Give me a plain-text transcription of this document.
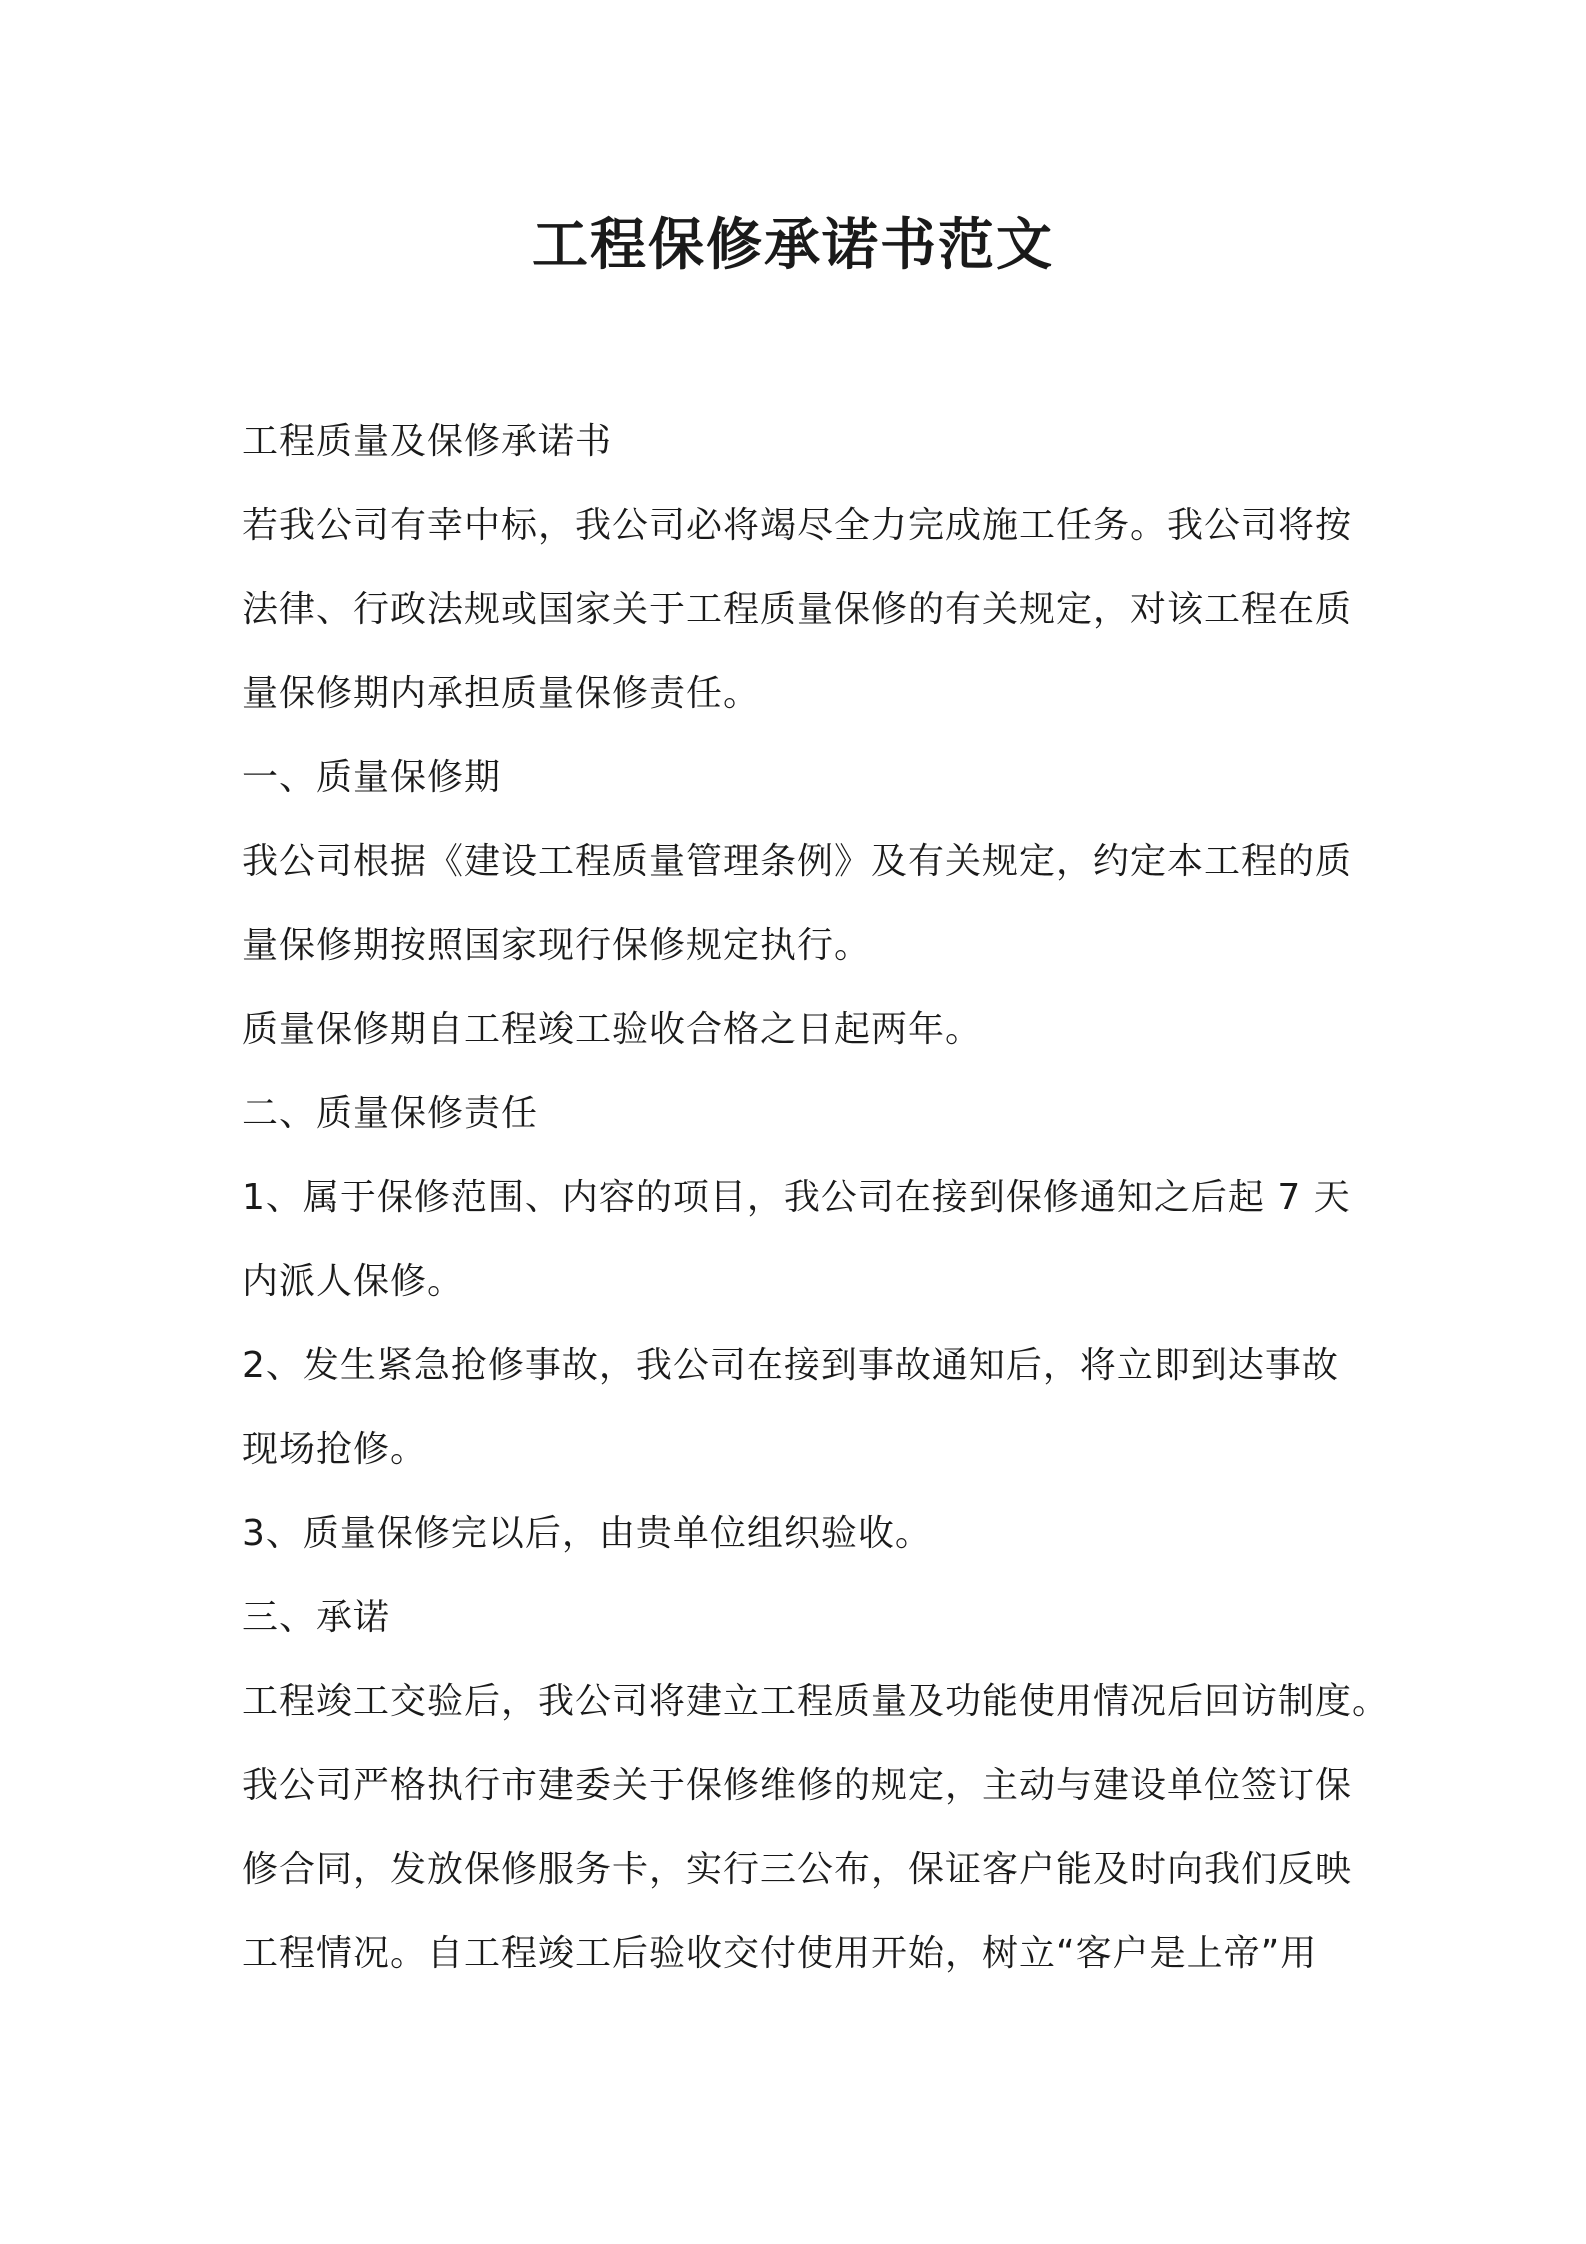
工程保修承诺书范文

工程质量及保修承诺书

若我公司有幸中标，我公司必将竭尽全力完成施工任务。我公司将按

法律、行政法规或国家关于工程质量保修的有关规定，对该工程在质

量保修期内承担质量保修责任。

一、质量保修期

我公司根据《建设工程质量管理条例》及有关规定，约定本工程的质

量保修期按照国家现行保修规定执行。

质量保修期自工程竣工验收合格之日起两年。

二、质量保修责任

1、属于保修范围、内容的项目，我公司在接到保修通知之后起 7 天

内派人保修。

2、发生紧急抢修事故，我公司在接到事故通知后，将立即到达事故

现场抢修。

3、质量保修完以后，由贵单位组织验收。

三、承诺

工程竣工交验后，我公司将建立工程质量及功能使用情况后回访制度。

我公司严格执行市建委关于保修维修的规定，主动与建设单位签订保

修合同，发放保修服务卡，实行三公布，保证客户能及时向我们反映

工程情况。自工程竣工后验收交付使用开始，树立“客户是上帝”用
